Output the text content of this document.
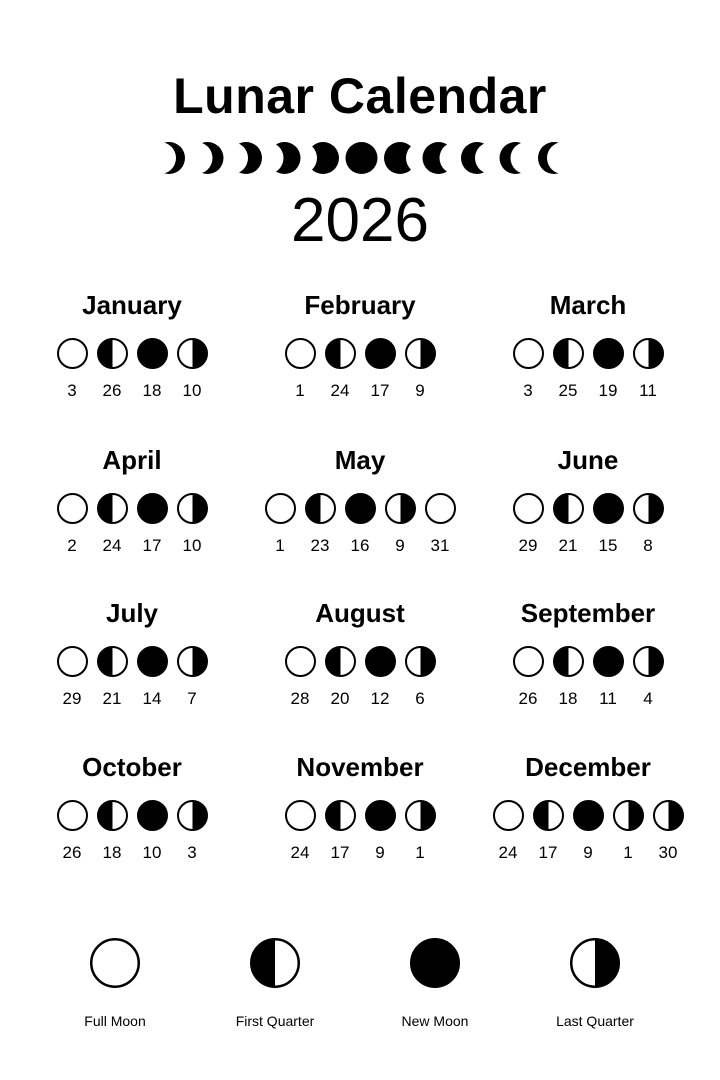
Lunar Calendar
2026
January
3	26	18	10
February
1	24	17	9
March
3	25	19	11
April
2	24	17	10
May
1	23	16	9	31
June
29	21	15	8
July
29	21	14	7
August
28	20	12	6
September
26	18	11	4
October
26	18	10	3
November
24	17	9	1
December
24	17	9	1	30
Full Moon	First Quarter	New Moon	Last Quarter
